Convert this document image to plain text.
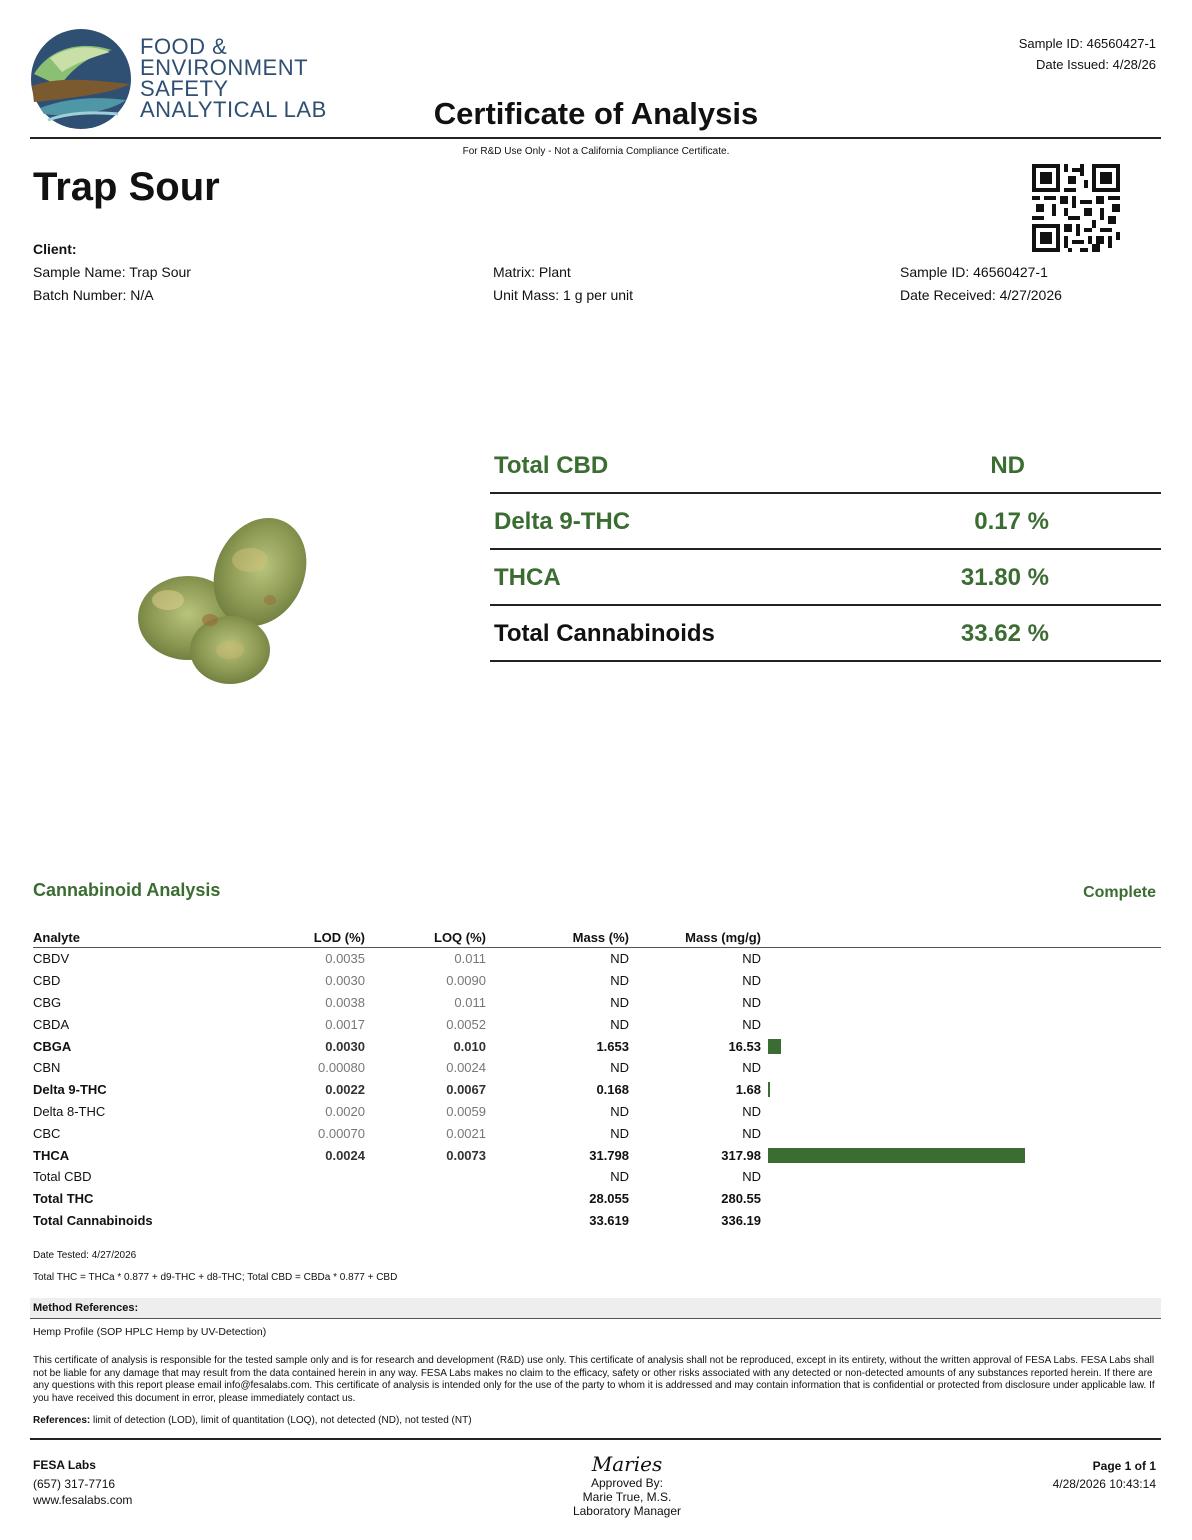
FOOD &
ENVIRONMENT
SAFETY
ANALYTICAL LAB
Sample ID: 46560427-1
Date Issued: 4/28/26
Certificate of Analysis
For R&D Use Only - Not a California Compliance Certificate.
Trap Sour
Client:
Sample Name: Trap Sour
Batch Number: N/A
Matrix: Plant
Unit Mass: 1 g per unit
Sample ID: 46560427-1
Date Received: 4/27/2026
Total CBD	ND
Delta 9-THC	0.17 %
THCA	31.80 %
Total Cannabinoids	33.62 %
Cannabinoid Analysis	Complete
Analyte	LOD (%)	LOQ (%)	Mass (%)	Mass (mg/g)	
CBDV	0.0035	0.011	ND	ND	
CBD	0.0030	0.0090	ND	ND	
CBG	0.0038	0.011	ND	ND	
CBDA	0.0017	0.0052	ND	ND	
CBGA	0.0030	0.010	1.653	16.53	

CBN	0.00080	0.0024	ND	ND	
Delta 9-THC	0.0022	0.0067	0.168	1.68	

Delta 8-THC	0.0020	0.0059	ND	ND	
CBC	0.00070	0.0021	ND	ND	
THCA	0.0024	0.0073	31.798	317.98	

Total CBD			ND	ND	
Total THC			28.055	280.55	
Total Cannabinoids			33.619	336.19	
Date Tested: 4/27/2026
Total THC = THCa * 0.877 + d9-THC + d8-THC; Total CBD = CBDa * 0.877 + CBD
Method References:
Hemp Profile (SOP HPLC Hemp by UV-Detection)
This certificate of analysis is responsible for the tested sample only and is for research and development (R&D) use only. This certificate of analysis shall not be reproduced, except in its entirety, without the written approval of FESA Labs. FESA Labs shall not be liable for any damage that may result from the data contained herein in any way. FESA Labs makes no claim to the efficacy, safety or other risks associated with any detected or non-detected amounts of any substances reported herein. If there are any questions with this report please email info@fesalabs.com. This certificate of analysis is intended only for the use of the party to whom it is addressed and may contain information that is confidential or protected from disclosure under applicable law. If you have received this document in error, please immediately contact us.
References: limit of detection (LOD), limit of quantitation (LOQ), not detected (ND), not tested (NT)
FESA Labs
(657) 317-7716
www.fesalabs.com
Maries
Approved By:
Marie True, M.S.
Laboratory Manager
Page 1 of 1
4/28/2026 10:43:14
